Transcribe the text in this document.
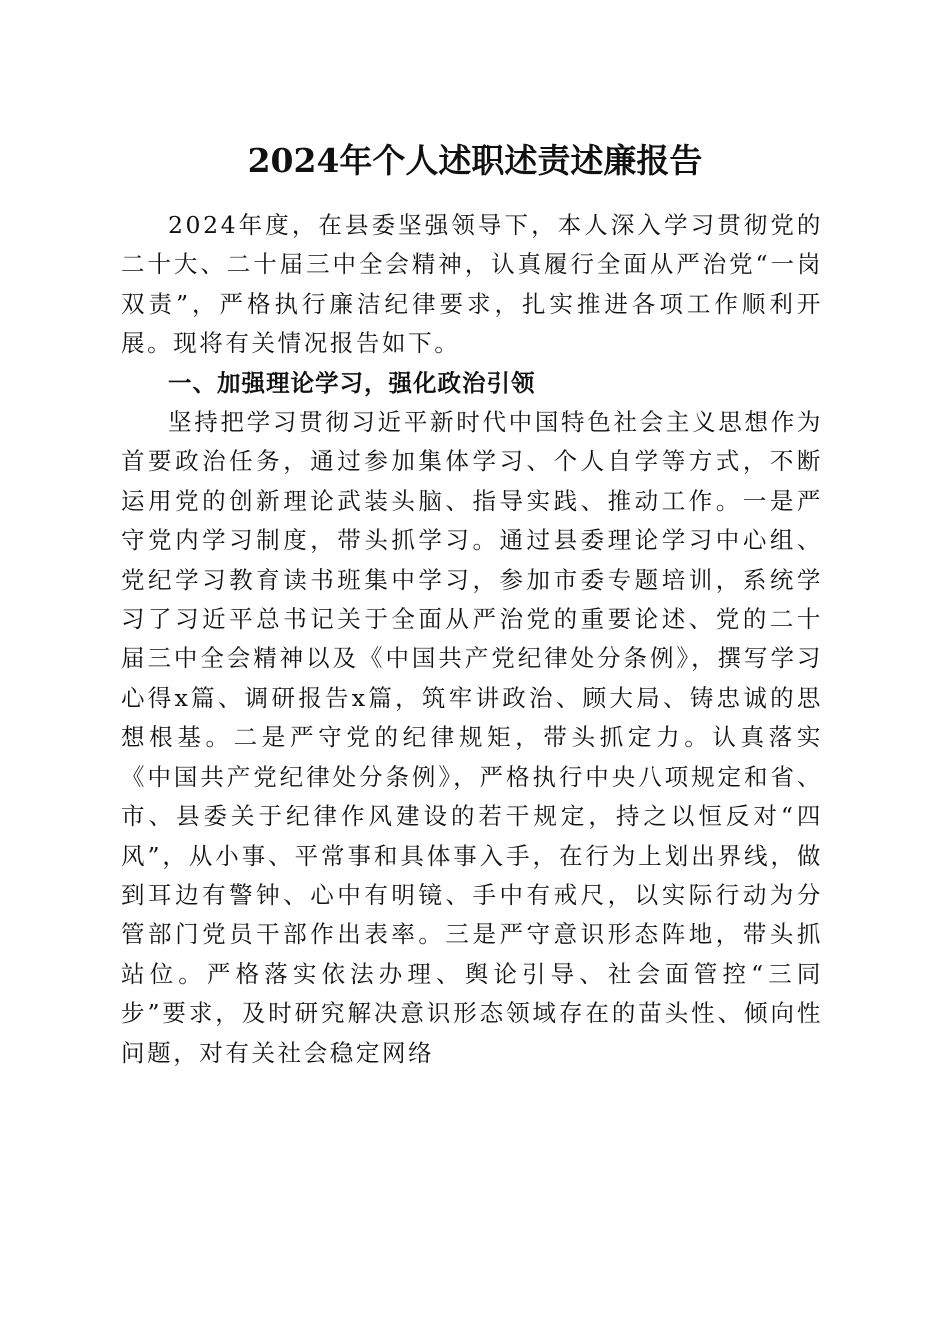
2024年个人述职述责述廉报告

2024年度，在县委坚强领导下，本人深入学习贯彻党的二十大、二十届三中全会精神，认真履行全面从严治党“一岗双责”，严格执行廉洁纪律要求，扎实推进各项工作顺利开展。现将有关情况报告如下。

一、加强理论学习，强化政治引领

坚持把学习贯彻习近平新时代中国特色社会主义思想作为首要政治任务，通过参加集体学习、个人自学等方式，不断运用党的创新理论武装头脑、指导实践、推动工作。一是严守党内学习制度，带头抓学习。通过县委理论学习中心组、党纪学习教育读书班集中学习，参加市委专题培训，系统学习了习近平总书记关于全面从严治党的重要论述、党的二十届三中全会精神以及《中国共产党纪律处分条例》，撰写学习心得x篇、调研报告x篇，筑牢讲政治、顾大局、铸忠诚的思想根基。二是严守党的纪律规矩，带头抓定力。认真落实《中国共产党纪律处分条例》，严格执行中央八项规定和省、市、县委关于纪律作风建设的若干规定，持之以恒反对“四风”，从小事、平常事和具体事入手，在行为上划出界线，做到耳边有警钟、心中有明镜、手中有戒尺，以实际行动为分管部门党员干部作出表率。三是严守意识形态阵地，带头抓站位。严格落实依法办理、舆论引导、社会面管控“三同步”要求，及时研究解决意识形态领域存在的苗头性、倾向性问题，对有关社会稳定网络
